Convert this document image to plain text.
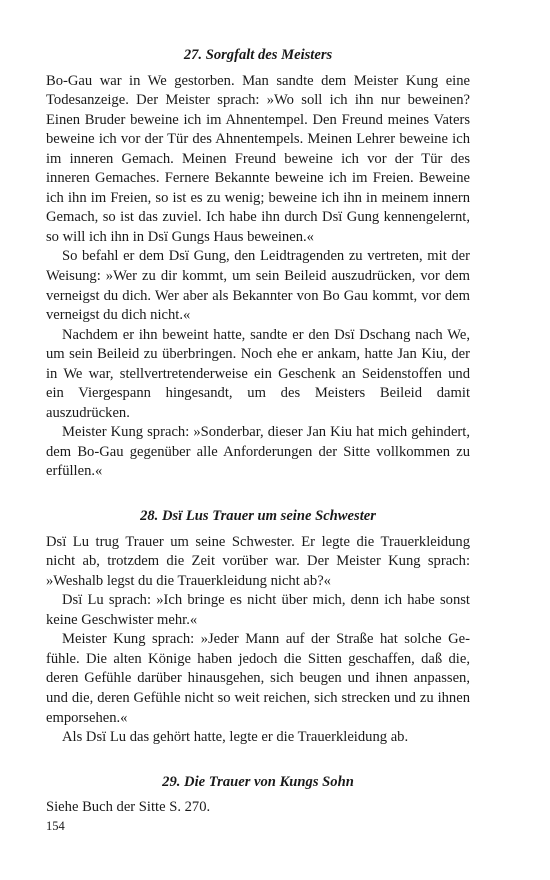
27. Sorgfalt des Meisters

Bo-Gau war in We gestorben. Man sandte dem Meister Kung eine Todesanzeige. Der Meister sprach: »Wo soll ich ihn nur beweinen? Einen Bruder beweine ich im Ahnentempel. Den Freund meines Vaters beweine ich vor der Tür des Ahnentempels. Meinen Lehrer beweine ich im inneren Gemach. Meinen Freund beweine ich vor der Tür des inneren Gemaches. Fernere Bekannte beweine ich im Freien. Beweine ich ihn im Freien, so ist es zu wenig; beweine ich ihn in meinem innern Gemach, so ist das zuviel. Ich habe ihn durch Dsï Gung kennengelernt, so will ich ihn in Dsï Gungs Haus beweinen.«

So befahl er dem Dsï Gung, den Leidtragenden zu vertreten, mit der Weisung: »Wer zu dir kommt, um sein Beileid auszudrücken, vor dem verneigst du dich. Wer aber als Bekannter von Bo Gau kommt, vor dem verneigst du dich nicht.«

Nachdem er ihn beweint hatte, sandte er den Dsï Dschang nach We, um sein Beileid zu überbringen. Noch ehe er ankam, hatte Jan Kiu, der in We war, stellvertretenderweise ein Geschenk an Seidenstoffen und ein Viergespann hingesandt, um des Meisters Beileid damit auszudrücken.

Meister Kung sprach: »Sonderbar, dieser Jan Kiu hat mich gehindert, dem Bo-Gau gegenüber alle Anforderungen der Sitte vollkommen zu erfüllen.«

28. Dsï Lus Trauer um seine Schwester

Dsï Lu trug Trauer um seine Schwester. Er legte die Trauerkleidung nicht ab, trotzdem die Zeit vorüber war. Der Meister Kung sprach: »Weshalb legst du die Trauerkleidung nicht ab?«

Dsï Lu sprach: »Ich bringe es nicht über mich, denn ich habe sonst keine Geschwister mehr.«

Meister Kung sprach: »Jeder Mann auf der Straße hat solche Gefühle. Die alten Könige haben jedoch die Sitten geschaffen, daß die, deren Gefühle darüber hinausgehen, sich beugen und ihnen anpassen, und die, deren Gefühle nicht so weit reichen, sich strecken und zu ihnen emporsehen.«

Als Dsï Lu das gehört hatte, legte er die Trauerkleidung ab.

29. Die Trauer von Kungs Sohn

Siehe Buch der Sitte S. 270.

154
